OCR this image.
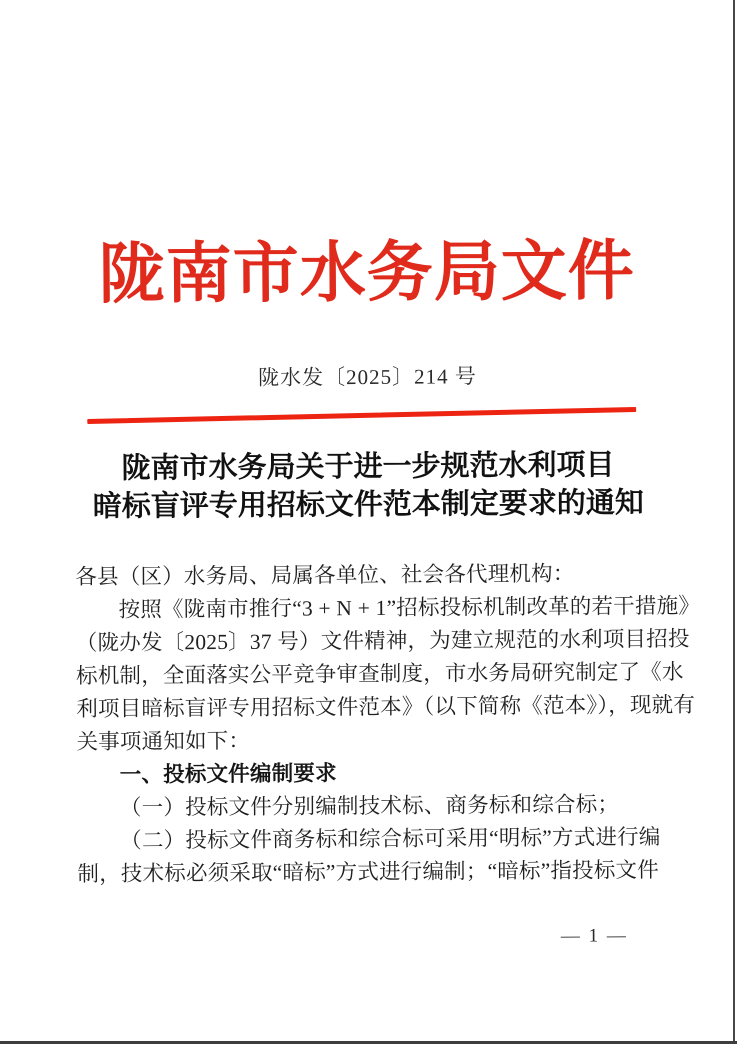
陇南市水务局文件
陇水发〔2025〕214 号
陇南市水务局关于进一步规范水利项目
暗标盲评专用招标文件范本制定要求的通知
各县（区）水务局、局属各单位、社会各代理机构：
按照《陇南市推行“3 + N + 1”招标投标机制改革的若干措施》
（陇办发〔2025〕37 号）文件精神，为建立规范的水利项目招投
标机制，全面落实公平竞争审查制度，市水务局研究制定了《水
利项目暗标盲评专用招标文件范本》（以下简称《范本》），现就有
关事项通知如下：
一、投标文件编制要求
（一）投标文件分别编制技术标、商务标和综合标；
（二）投标文件商务标和综合标可采用“明标”方式进行编
制，技术标必须采取“暗标”方式进行编制；“暗标”指投标文件
— 1 —
